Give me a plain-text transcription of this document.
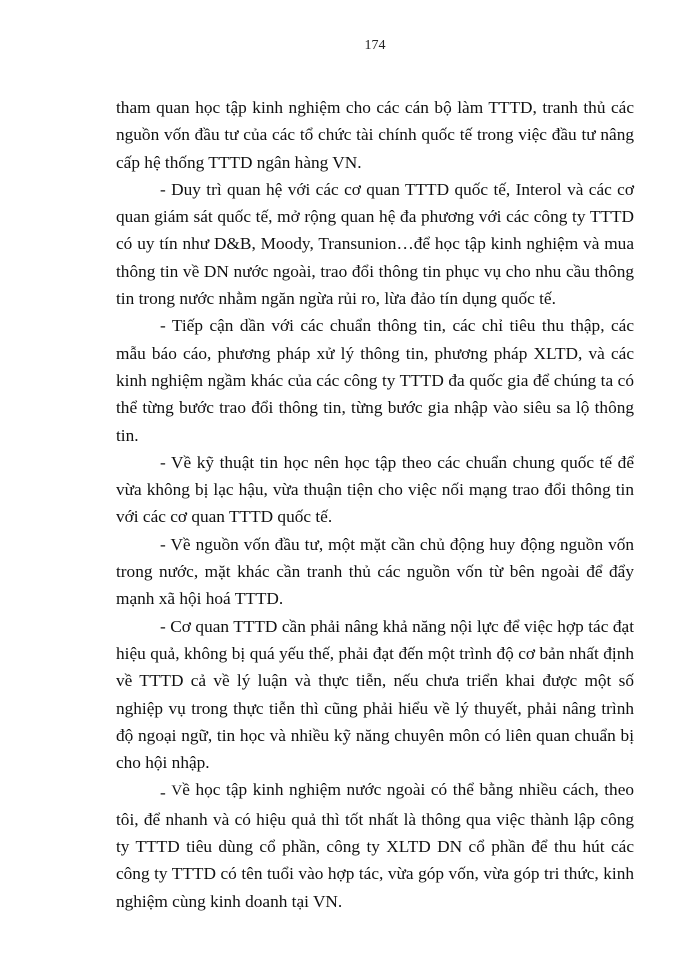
174

tham quan học tập kinh nghiệm cho các cán bộ làm TTTD, tranh thủ các nguồn vốn đầu tư của các tổ chức tài chính quốc tế trong việc đầu tư nâng cấp hệ thống TTTD ngân hàng VN.

- Duy trì quan hệ với các cơ quan TTTD quốc tế, Interol và các cơ quan giám sát quốc tế, mở rộng quan hệ đa phương với các công ty TTTD có uy tín như D&B, Moody, Transunion…để học tập kinh nghiệm và mua thông tin về DN nước ngoài, trao đổi thông tin phục vụ cho nhu cầu thông tin trong nước nhằm ngăn ngừa rủi ro, lừa đảo tín dụng quốc tế.

- Tiếp cận dần với các chuẩn thông tin, các chỉ tiêu thu thập, các mẫu báo cáo, phương pháp xử lý thông tin, phương pháp XLTD, và các kinh nghiệm ngầm khác của các công ty TTTD đa quốc gia để chúng ta có thể từng bước trao đổi thông tin, từng bước gia nhập vào siêu sa lộ thông tin.

- Về kỹ thuật tin học nên học tập theo các chuẩn chung quốc tế để vừa không bị lạc hậu, vừa thuận tiện cho việc nối mạng trao đổi thông tin với các cơ quan TTTD quốc tế.

- Về nguồn vốn đầu tư, một mặt cần chủ động huy động nguồn vốn trong nước, mặt khác cần tranh thủ các nguồn vốn từ bên ngoài để đẩy mạnh xã hội hoá TTTD.

- Cơ quan TTTD cần phải nâng khả năng nội lực để việc hợp tác đạt hiệu quả, không bị quá yếu thế, phải đạt đến một trình độ cơ bản nhất định về TTTD cả về lý luận và thực tiễn, nếu chưa triển khai được một số nghiệp vụ trong thực tiễn thì cũng phải hiểu về lý thuyết, phải nâng trình độ ngoại ngữ, tin học và nhiều kỹ năng chuyên môn có liên quan chuẩn bị cho hội nhập.

- Về học tập kinh nghiệm nước ngoài có thể bằng nhiều cách, theo tôi, để nhanh và có hiệu quả thì tốt nhất là thông qua việc thành lập công ty TTTD tiêu dùng cổ phần, công ty XLTD DN cổ phần để thu hút các công ty TTTD có tên tuổi vào hợp tác, vừa góp vốn, vừa góp tri thức, kinh nghiệm cùng kinh doanh tại VN.
